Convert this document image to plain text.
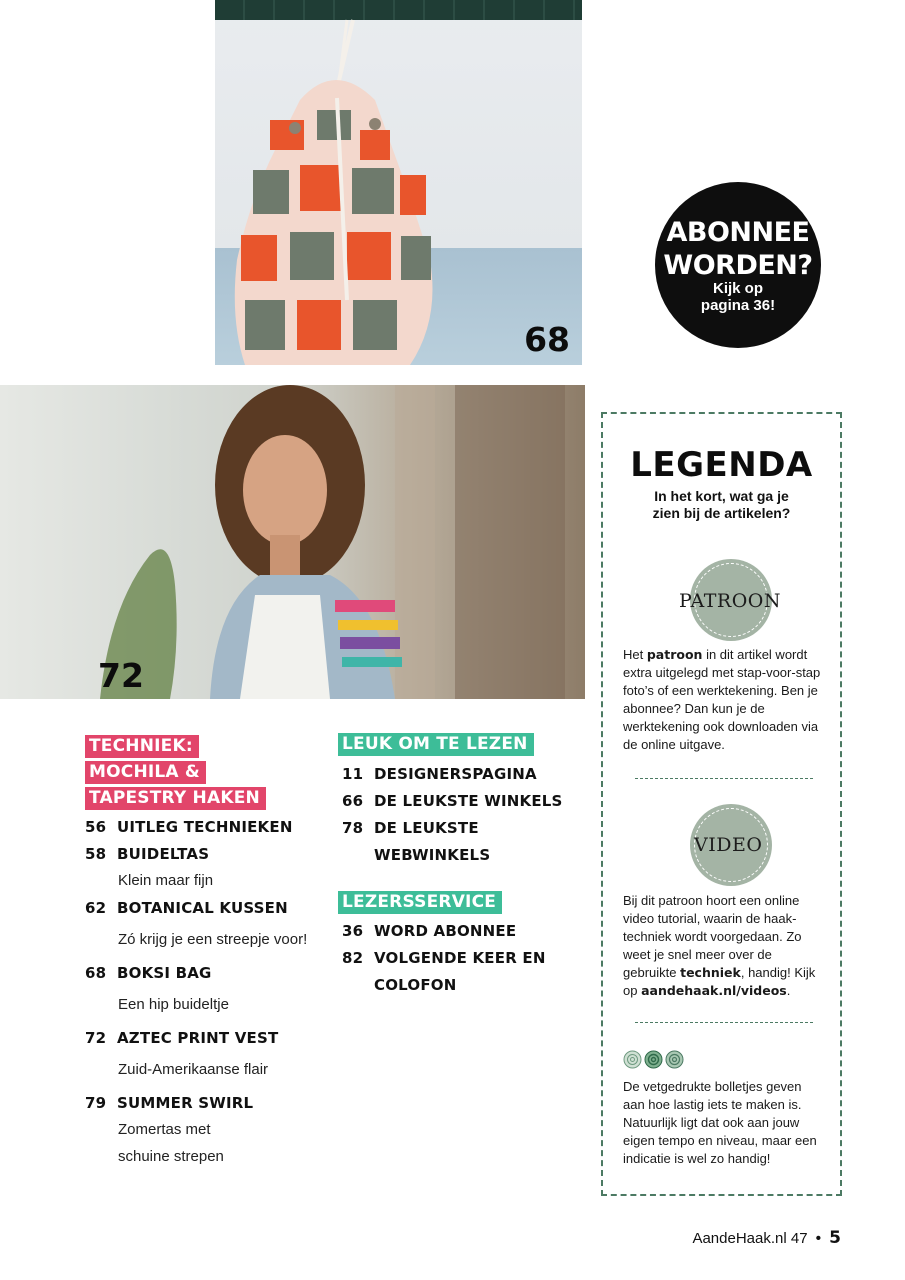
68
ABONNEE
WORDEN?
Kijk op
pagina 36!
72
TECHNIEK:
MOCHILA &
TAPESTRY HAKEN
56 UITLEG TECHNIEKEN
58 BUIDELTAS
Klein maar fijn
62 BOTANICAL KUSSEN
Zó krijg je een streepje voor!
68 BOKSI BAG
Een hip buideltje
72 AZTEC PRINT VEST
Zuid-Amerikaanse flair
79 SUMMER SWIRL
Zomertas met
schuine strepen
LEUK OM TE LEZEN
11 DESIGNERSPAGINA
66 DE LEUKSTE WINKELS
78 DE LEUKSTE
WEBWINKELS
LEZERSSERVICE
36 WORD ABONNEE
82 VOLGENDE KEER EN
COLOFON
LEGENDA
In het kort, wat ga je
zien bij de artikelen?
PATROON

Het patroon in dit artikel wordt extra uitgelegd met stap-voor-stap foto’s of een werktekening. Ben je abonnee? Dan kun je de werktekening ook downloaden via de online uitgave.

VIDEO

Bij dit patroon hoort een online video tutorial, waarin de haak-techniek wordt voorgedaan. Zo weet je snel meer over de gebruikte techniek, handig! Kijk op aandehaak.nl/videos.

De vetgedrukte bolletjes geven aan hoe lastig iets te maken is. Natuurlijk ligt dat ook aan jouw eigen tempo en niveau, maar een indicatie is wel zo handig!

AandeHaak.nl 47 • 5
